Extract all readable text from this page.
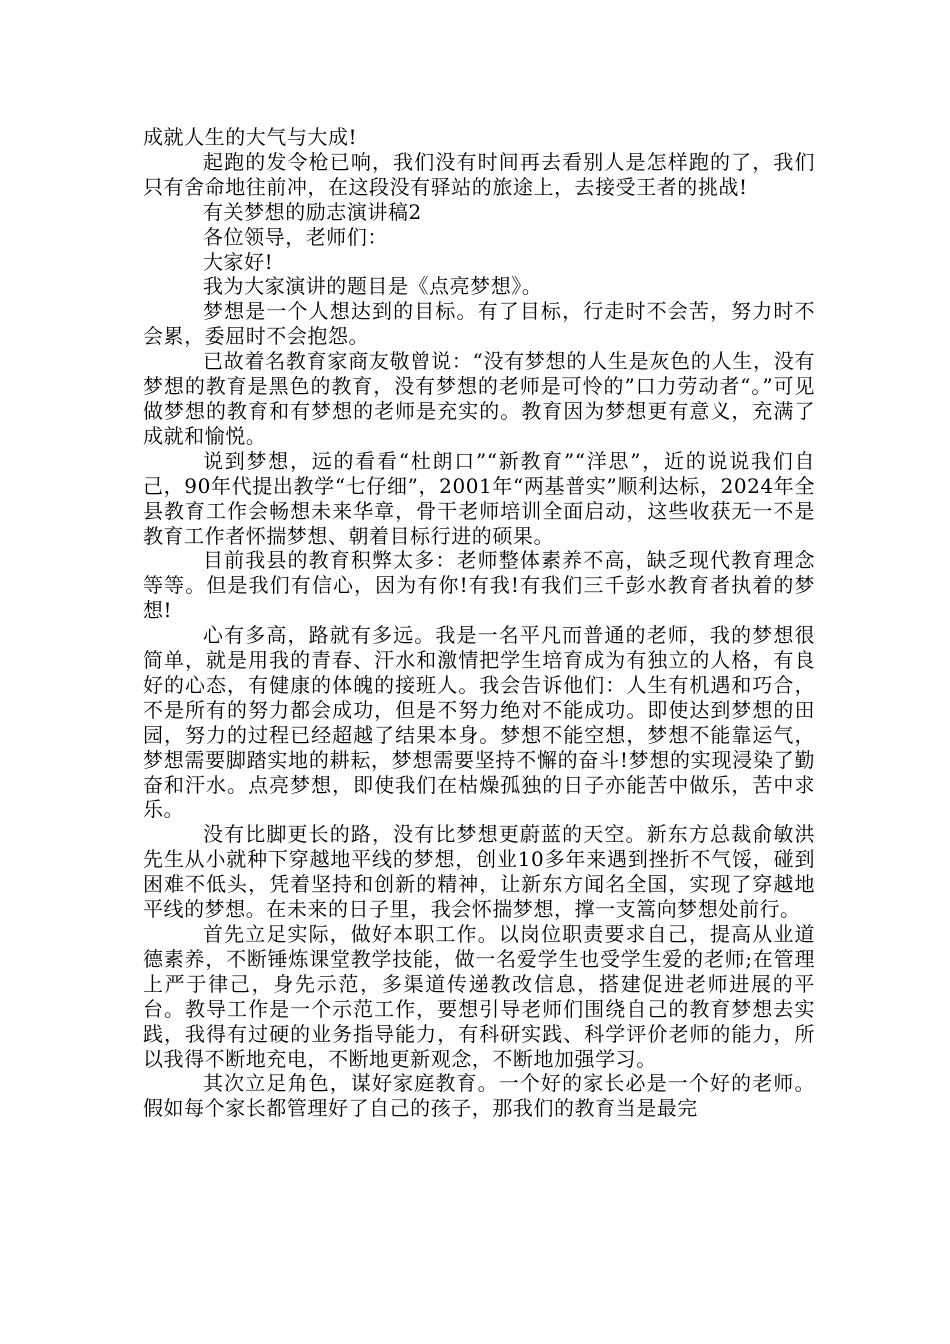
成就人生的大气与大成!

起跑的发令枪已响，我们没有时间再去看别人是怎样跑的了，我们只有舍命地往前冲，在这段没有驿站的旅途上，去接受王者的挑战!

有关梦想的励志演讲稿2

各位领导，老师们：

大家好!

我为大家演讲的题目是《点亮梦想》。

梦想是一个人想达到的目标。有了目标，行走时不会苦，努力时不会累，委屈时不会抱怨。

已故着名教育家商友敬曾说：“没有梦想的人生是灰色的人生，没有梦想的教育是黑色的教育，没有梦想的老师是可怜的”口力劳动者“。”可见做梦想的教育和有梦想的老师是充实的。教育因为梦想更有意义，充满了成就和愉悦。

说到梦想，远的看看“杜朗口”“新教育”“洋思”，近的说说我们自己，90年代提出教学“七仔细”，2001年“两基普实”顺利达标，2024年全县教育工作会畅想未来华章，骨干老师培训全面启动，这些收获无一不是教育工作者怀揣梦想、朝着目标行进的硕果。

目前我县的教育积弊太多：老师整体素养不高，缺乏现代教育理念等等。但是我们有信心，因为有你!有我!有我们三千彭水教育者执着的梦想!

心有多高，路就有多远。我是一名平凡而普通的老师，我的梦想很简单，就是用我的青春、汗水和激情把学生培育成为有独立的人格，有良好的心态，有健康的体魄的接班人。我会告诉他们：人生有机遇和巧合，不是所有的努力都会成功，但是不努力绝对不能成功。即使达到梦想的田园，努力的过程已经超越了结果本身。梦想不能空想，梦想不能靠运气，梦想需要脚踏实地的耕耘，梦想需要坚持不懈的奋斗!梦想的实现浸染了勤奋和汗水。点亮梦想，即使我们在枯燥孤独的日子亦能苦中做乐，苦中求乐。

没有比脚更长的路，没有比梦想更蔚蓝的天空。新东方总裁俞敏洪先生从小就种下穿越地平线的梦想，创业10多年来遇到挫折不气馁，碰到困难不低头，凭着坚持和创新的精神，让新东方闻名全国，实现了穿越地平线的梦想。在未来的日子里，我会怀揣梦想，撑一支篙向梦想处前行。

首先立足实际，做好本职工作。以岗位职责要求自己，提高从业道德素养，不断锤炼课堂教学技能，做一名爱学生也受学生爱的老师;在管理上严于律己，身先示范，多渠道传递教改信息，搭建促进老师进展的平台。教导工作是一个示范工作，要想引导老师们围绕自己的教育梦想去实践，我得有过硬的业务指导能力，有科研实践、科学评价老师的能力，所以我得不断地充电，不断地更新观念，不断地加强学习。

其次立足角色，谋好家庭教育。一个好的家长必是一个好的老师。假如每个家长都管理好了自己的孩子，那我们的教育当是最完
